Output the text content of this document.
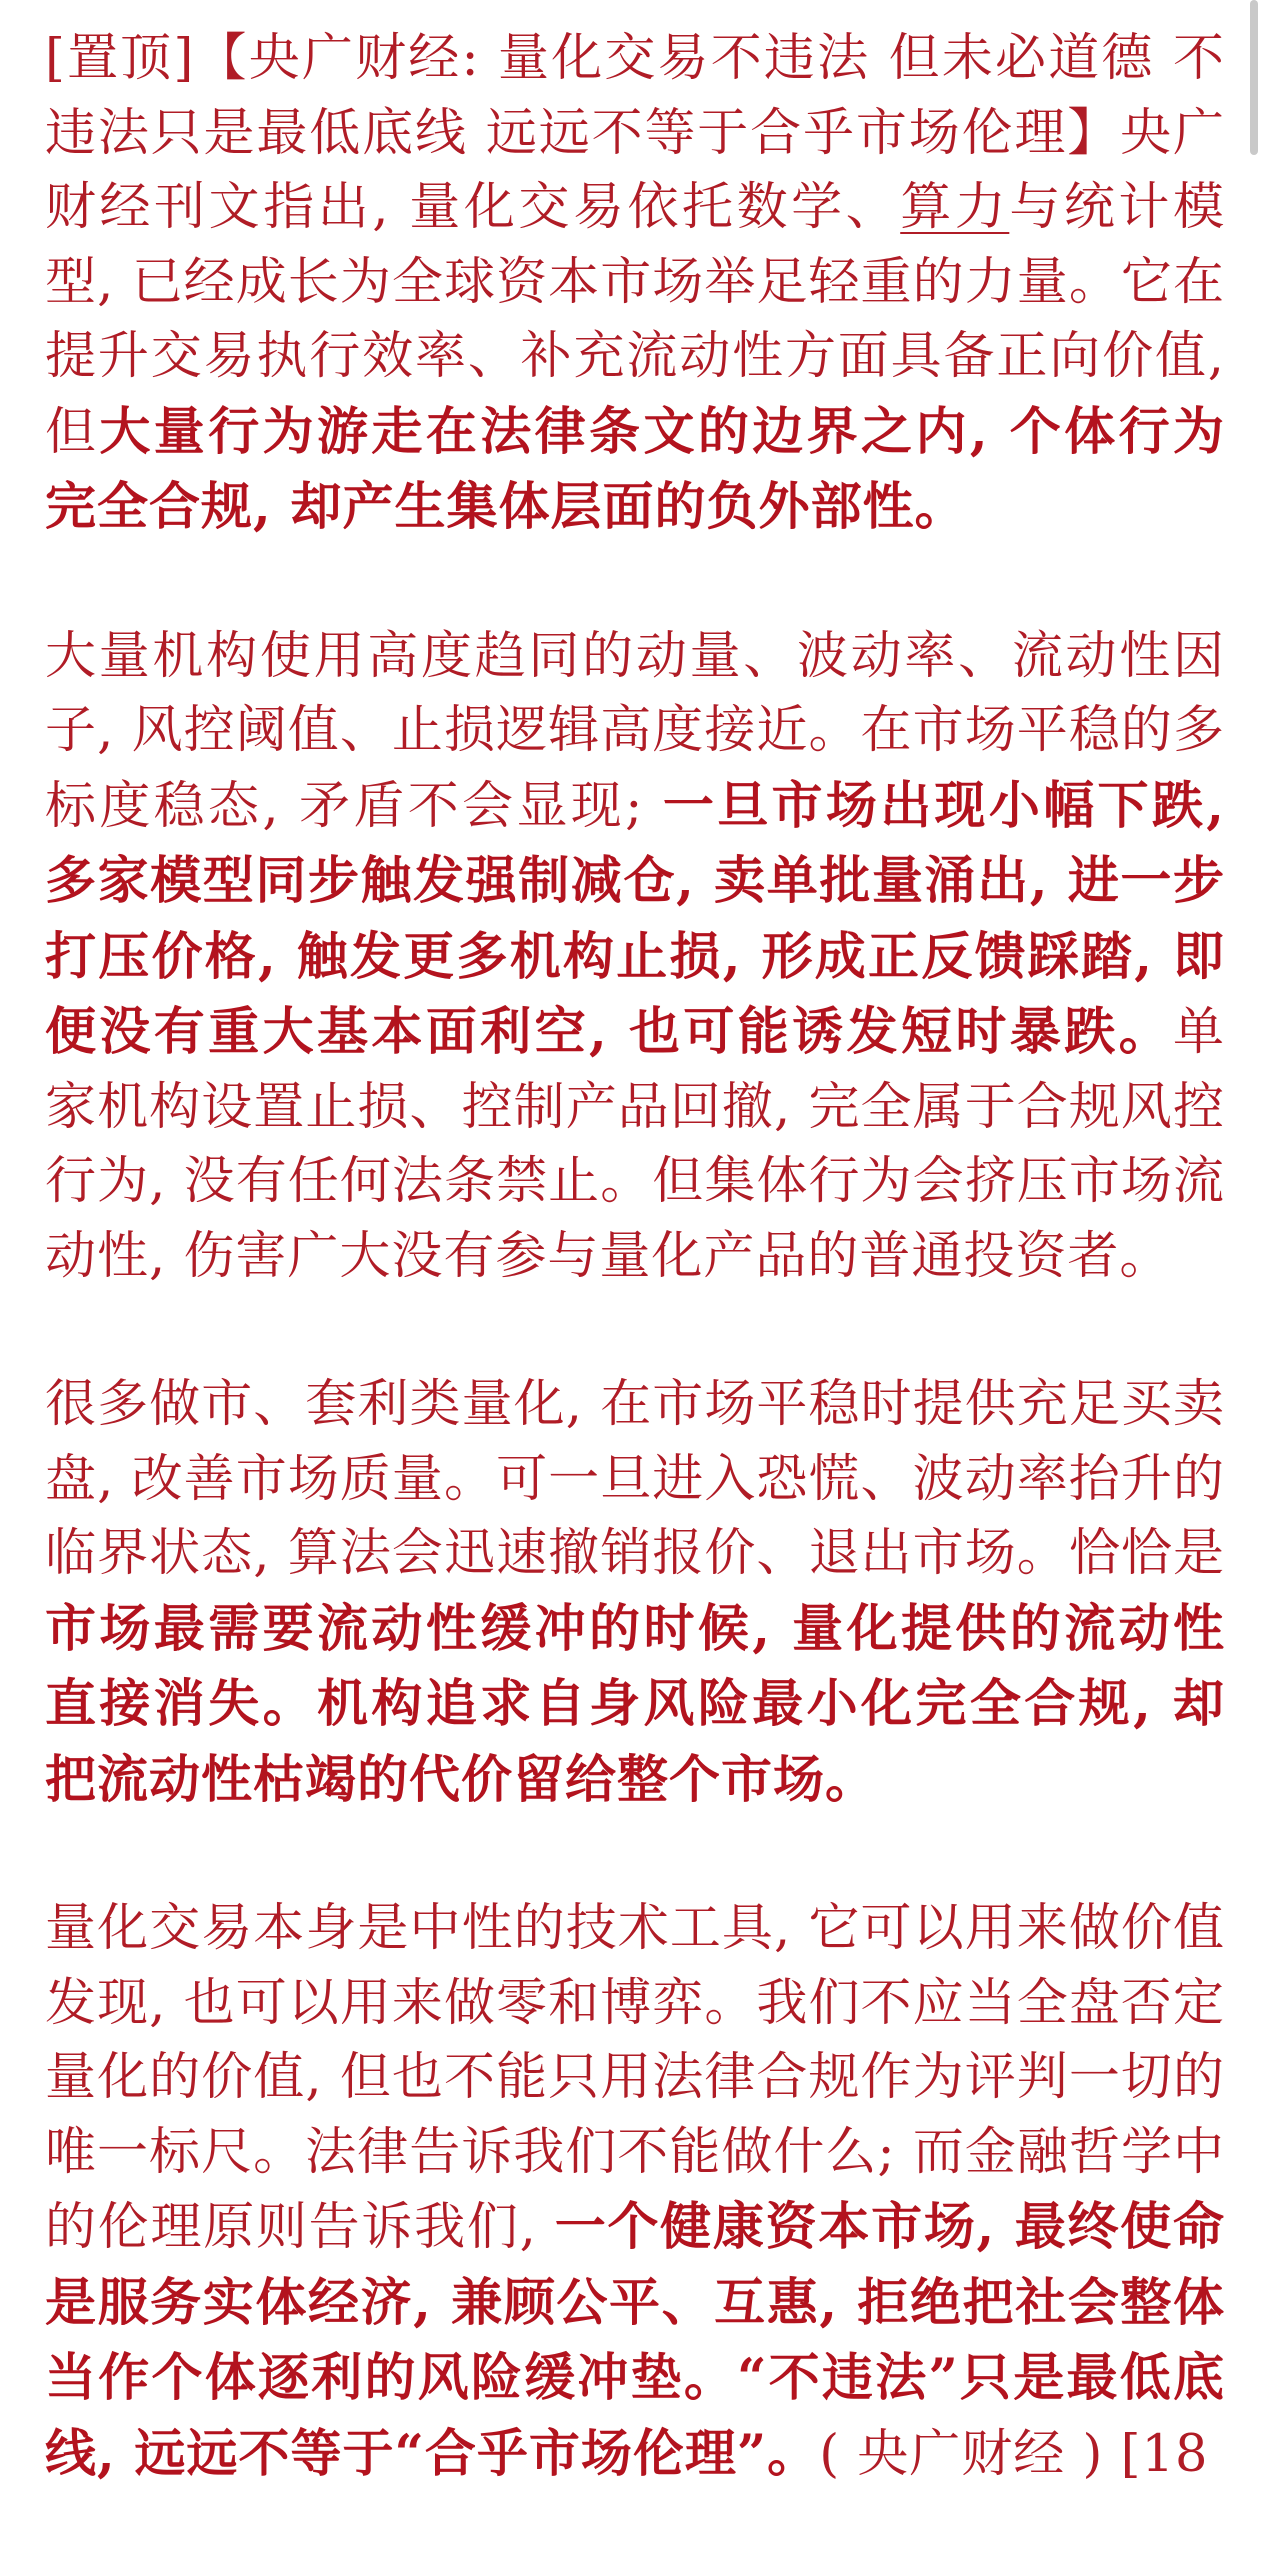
[置顶]【央广财经: 量化交易不违法 但未必道德 不违法只是最低底线 远远不等于合乎市场伦理】央广财经刊文指出, 量化交易依托数学、算力与统计模型, 已经成长为全球资本市场举足轻重的力量。它在提升交易执行效率、补充流动性方面具备正向价值, 但大量行为游走在法律条文的边界之内, 个体行为完全合规, 却产生集体层面的负外部性。

大量机构使用高度趋同的动量、波动率、流动性因子, 风控阈值、止损逻辑高度接近。在市场平稳的多标度稳态, 矛盾不会显现; 一旦市场出现小幅下跌, 多家模型同步触发强制减仓, 卖单批量涌出, 进一步打压价格, 触发更多机构止损, 形成正反馈踩踏, 即便没有重大基本面利空, 也可能诱发短时暴跌。单家机构设置止损、控制产品回撤, 完全属于合规风控行为, 没有任何法条禁止。但集体行为会挤压市场流动性, 伤害广大没有参与量化产品的普通投资者。

很多做市、套利类量化, 在市场平稳时提供充足买卖盘, 改善市场质量。可一旦进入恐慌、波动率抬升的临界状态, 算法会迅速撤销报价、退出市场。恰恰是市场最需要流动性缓冲的时候, 量化提供的流动性直接消失。机构追求自身风险最小化完全合规, 却把流动性枯竭的代价留给整个市场。

量化交易本身是中性的技术工具, 它可以用来做价值发现, 也可以用来做零和博弈。我们不应当全盘否定量化的价值, 但也不能只用法律合规作为评判一切的唯一标尺。法律告诉我们不能做什么; 而金融哲学中的伦理原则告诉我们, 一个健康资本市场, 最终使命是服务实体经济, 兼顾公平、互惠, 拒绝把社会整体当作个体逐利的风险缓冲垫。“不违法”只是最低底线, 远远不等于“合乎市场伦理”。( 央广财经 ) [18
